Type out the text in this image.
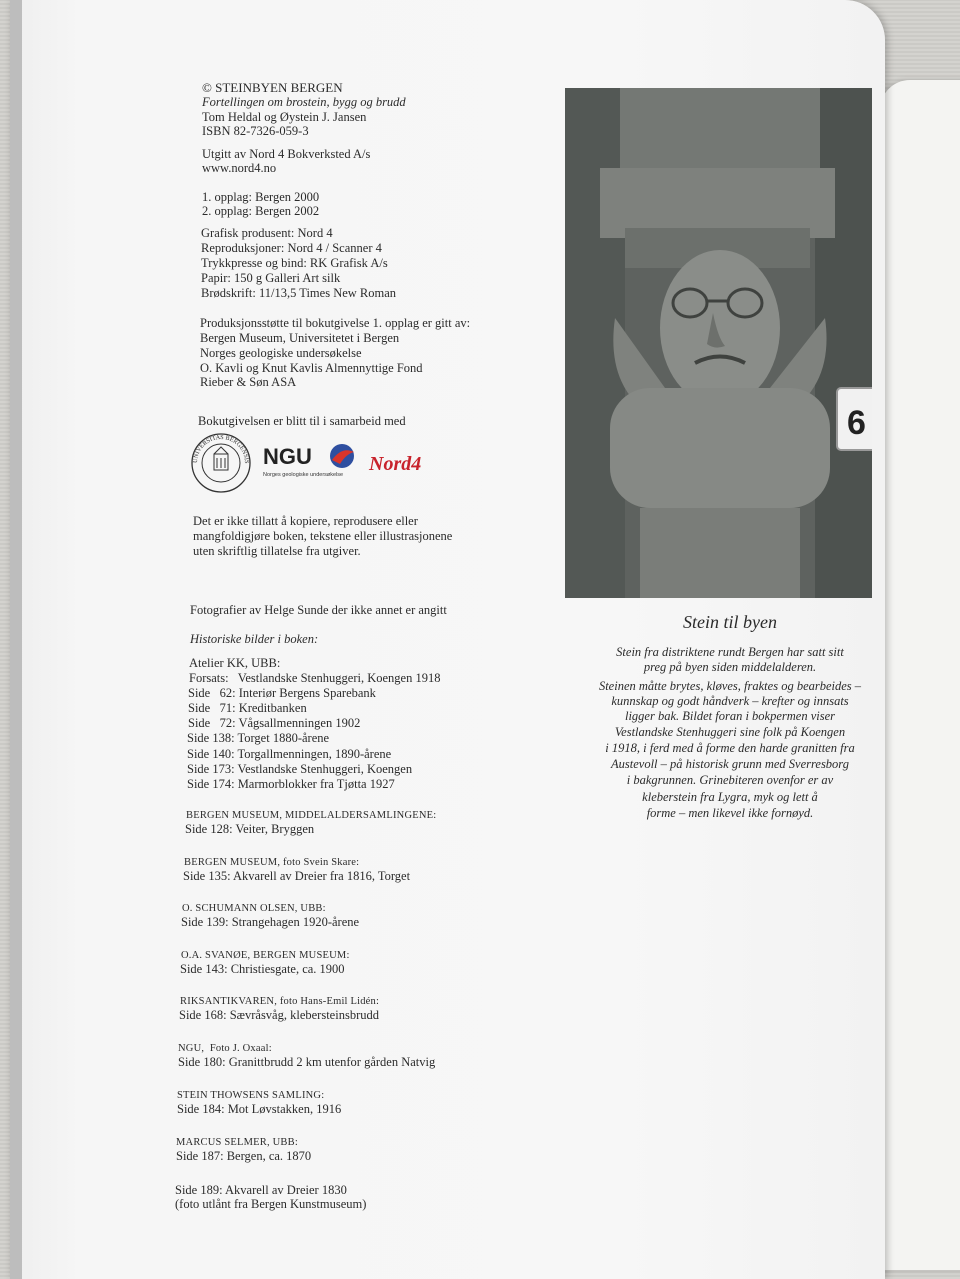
© STEINBYEN BERGEN
Fortellingen om brostein, bygg og brudd
Tom Heldal og Øystein J. Jansen
ISBN 82-7326-059-3
Utgitt av Nord 4 Bokverksted A/s
www.nord4.no
1. opplag: Bergen 2000
2. opplag: Bergen 2002
Grafisk produsent: Nord 4
Reproduksjoner: Nord 4 / Scanner 4
Trykkpresse og bind: RK Grafisk A/s
Papir: 150 g Galleri Art silk
Brødskrift: 11/13,5 Times New Roman
Produksjonsstøtte til bokutgivelse 1. opplag er gitt av:
Bergen Museum, Universitetet i Bergen
Norges geologiske undersøkelse
O. Kavli og Knut Kavlis Almennyttige Fond
Rieber & Søn ASA
Bokutgivelsen er blitt til i samarbeid med
UNIVERSITAS BERGENSIS NGU
Norges geologiske undersøkelse Nord4
Det er ikke tillatt å kopiere, reprodusere eller
mangfoldigjøre boken, tekstene eller illustrasjonene
uten skriftlig tillatelse fra utgiver.
Fotografier av Helge Sunde der ikke annet er angitt
Historiske bilder i boken:
Atelier KK, UBB:
Forsats:   Vestlandske Stenhuggeri, Koengen 1918
Side   62: Interiør Bergens Sparebank
Side   71: Kreditbanken
Side   72: Vågsallmenningen 1902
Side 138: Torget 1880-årene
Side 140: Torgallmenningen, 1890-årene
Side 173: Vestlandske Stenhuggeri, Koengen
Side 174: Marmorblokker fra Tjøtta 1927
BERGEN MUSEUM, MIDDELALDERSAMLINGENE:
Side 128: Veiter, Bryggen
BERGEN MUSEUM, foto Svein Skare:
Side 135: Akvarell av Dreier fra 1816, Torget
O. SCHUMANN OLSEN, UBB:
Side 139: Strangehagen 1920-årene
O.A. SVANØE, BERGEN MUSEUM:
Side 143: Christiesgate, ca. 1900
RIKSANTIKVAREN, foto Hans-Emil Lidén:
Side 168: Sævråsvåg, klebersteinsbrudd
NGU,  Foto J. Oxaal:
Side 180: Granittbrudd 2 km utenfor gården Natvig
STEIN THOWSENS SAMLING:
Side 184: Mot Løvstakken, 1916
MARCUS SELMER, UBB:
Side 187: Bergen, ca. 1870
Side 189: Akvarell av Dreier 1830
(foto utlånt fra Bergen Kunstmuseum)
6
Stein til byen
Stein fra distriktene rundt Bergen har satt sitt
preg på byen siden middelalderen.
Steinen måtte brytes, kløves, fraktes og bearbeides –
kunnskap og godt håndverk – krefter og innsats
ligger bak. Bildet foran i bokpermen viser
Vestlandske Stenhuggeri sine folk på Koengen
i 1918, i ferd med å forme den harde granitten fra
Austevoll – på historisk grunn med Sverresborg
i bakgrunnen. Grinebiteren ovenfor er av
kleberstein fra Lygra, myk og lett å
forme – men likevel ikke fornøyd.
